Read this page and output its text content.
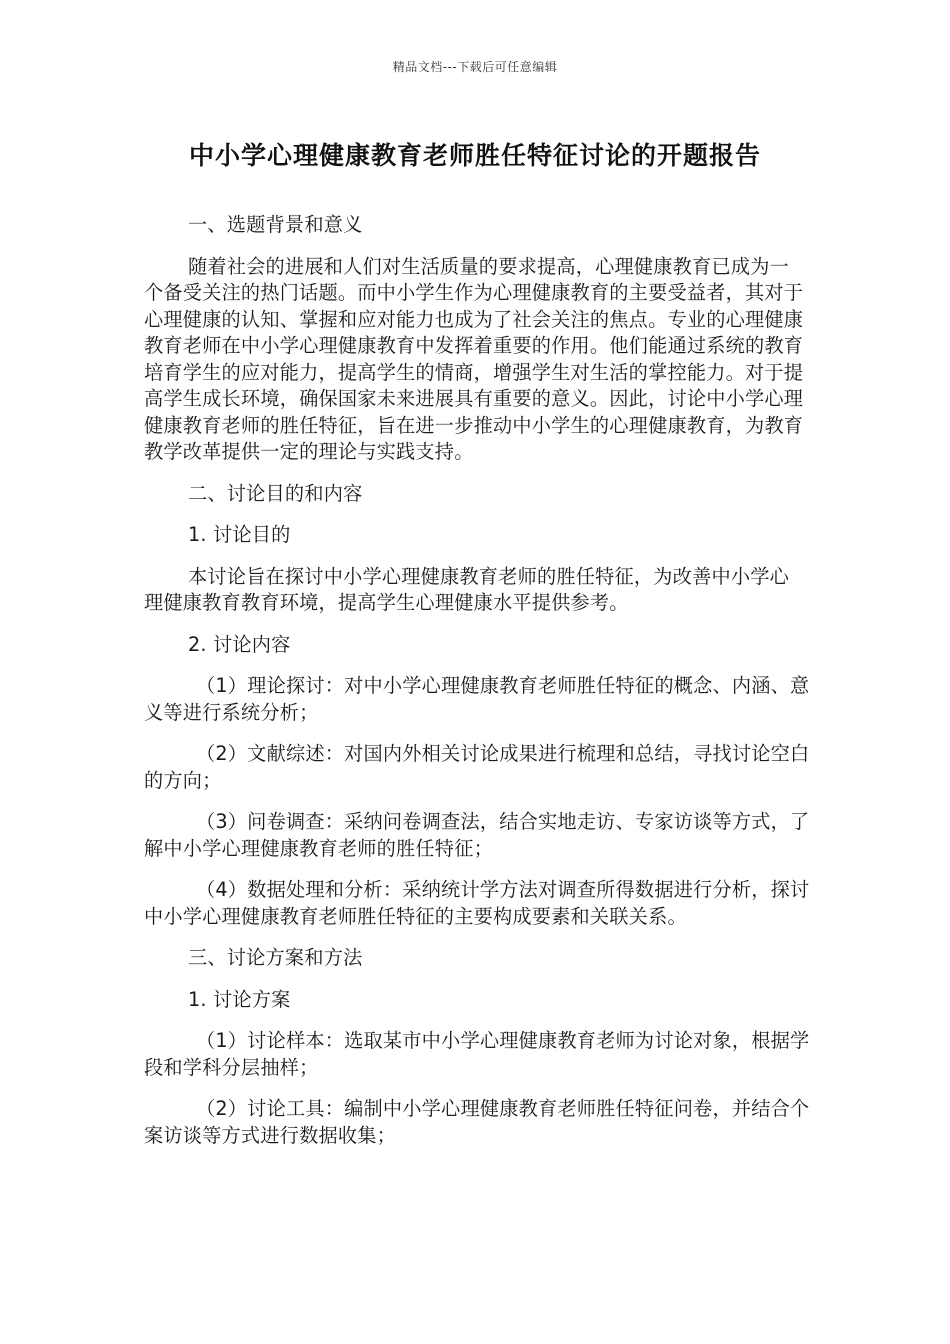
精品文档---下载后可任意编辑
中小学心理健康教育老师胜任特征讨论的开题报告

一、选题背景和意义

随着社会的进展和人们对生活质量的要求提高，心理健康教育已成为一个备受关注的热门话题。而中小学生作为心理健康教育的主要受益者，其对于心理健康的认知、掌握和应对能力也成为了社会关注的焦点。专业的心理健康教育老师在中小学心理健康教育中发挥着重要的作用。他们能通过系统的教育培育学生的应对能力，提高学生的情商，增强学生对生活的掌控能力。对于提高学生成长环境，确保国家未来进展具有重要的意义。因此，讨论中小学心理健康教育老师的胜任特征，旨在进一步推动中小学生的心理健康教育，为教育教学改革提供一定的理论与实践支持。

二、讨论目的和内容

1. 讨论目的

本讨论旨在探讨中小学心理健康教育老师的胜任特征，为改善中小学心理健康教育教育环境，提高学生心理健康水平提供参考。

2. 讨论内容

（1）理论探讨：对中小学心理健康教育老师胜任特征的概念、内涵、意义等进行系统分析；

（2）文献综述：对国内外相关讨论成果进行梳理和总结，寻找讨论空白的方向；

（3）问卷调查：采纳问卷调查法，结合实地走访、专家访谈等方式，了解中小学心理健康教育老师的胜任特征；

（4）数据处理和分析：采纳统计学方法对调查所得数据进行分析，探讨中小学心理健康教育老师胜任特征的主要构成要素和关联关系。

三、讨论方案和方法

1. 讨论方案

（1）讨论样本：选取某市中小学心理健康教育老师为讨论对象，根据学段和学科分层抽样；

（2）讨论工具：编制中小学心理健康教育老师胜任特征问卷，并结合个案访谈等方式进行数据收集；
